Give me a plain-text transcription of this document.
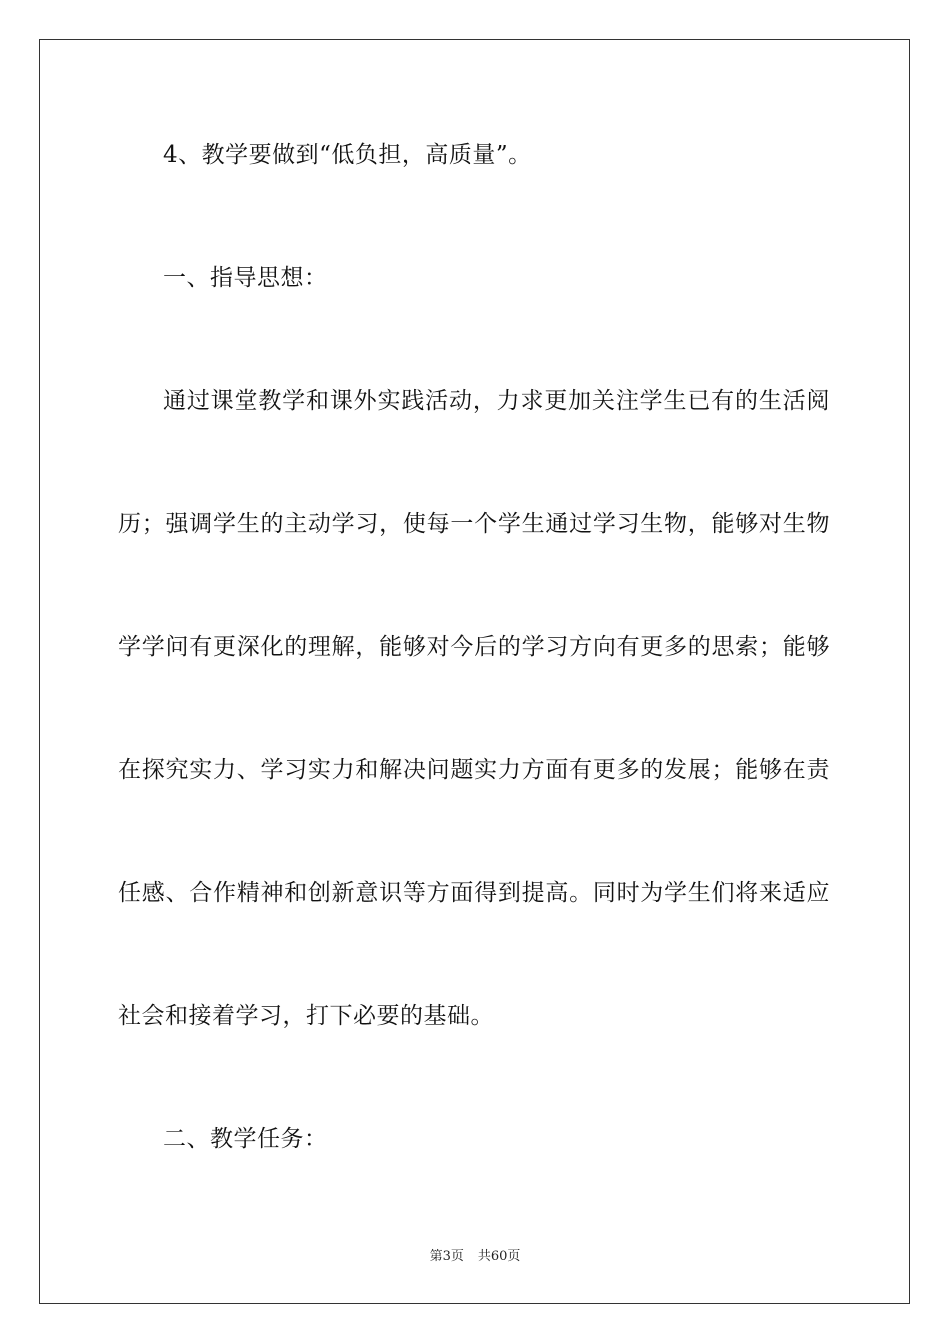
4、教学要做到“低负担，高质量”。
一、指导思想：
通过课堂教学和课外实践活动，力求更加关注学生已有的生活阅
历；强调学生的主动学习，使每一个学生通过学习生物，能够对生物
学学问有更深化的理解，能够对今后的学习方向有更多的思索；能够
在探究实力、学习实力和解决问题实力方面有更多的发展；能够在责
任感、合作精神和创新意识等方面得到提高。同时为学生们将来适应
社会和接着学习，打下必要的基础。
二、教学任务：
第3页 共60页
